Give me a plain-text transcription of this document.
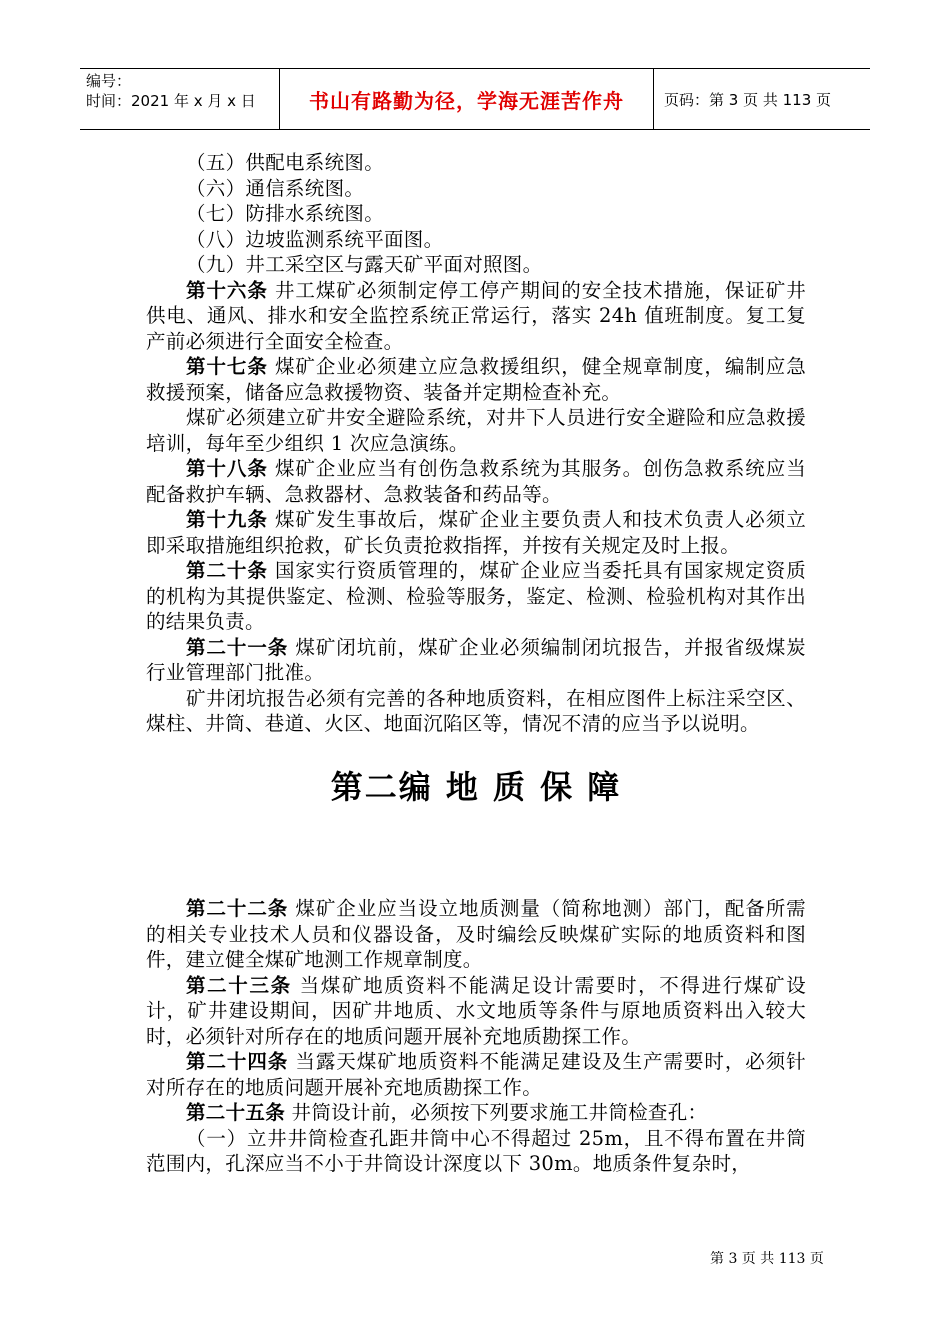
编号：
时间：2021 年 x 月 x 日	书山有路勤为径，学海无涯苦作舟	页码：第 3 页 共 113 页

（五）供配电系统图。

（六）通信系统图。

（七）防排水系统图。

（八）边坡监测系统平面图。

（九）井工采空区与露天矿平面对照图。

第十六条 井工煤矿必须制定停工停产期间的安全技术措施，保证矿井供电、通风、排水和安全监控系统正常运行，落实 24h 值班制度。复工复产前必须进行全面安全检查。

第十七条 煤矿企业必须建立应急救援组织，健全规章制度，编制应急救援预案，储备应急救援物资、装备并定期检查补充。

煤矿必须建立矿井安全避险系统，对井下人员进行安全避险和应急救援培训，每年至少组织 1 次应急演练。

第十八条 煤矿企业应当有创伤急救系统为其服务。创伤急救系统应当配备救护车辆、急救器材、急救装备和药品等。

第十九条 煤矿发生事故后，煤矿企业主要负责人和技术负责人必须立即采取措施组织抢救，矿长负责抢救指挥，并按有关规定及时上报。

第二十条 国家实行资质管理的，煤矿企业应当委托具有国家规定资质的机构为其提供鉴定、检测、检验等服务，鉴定、检测、检验机构对其作出的结果负责。

第二十一条 煤矿闭坑前，煤矿企业必须编制闭坑报告，并报省级煤炭行业管理部门批准。

矿井闭坑报告必须有完善的各种地质资料，在相应图件上标注采空区、煤柱、井筒、巷道、火区、地面沉陷区等，情况不清的应当予以说明。

第二编 地 质 保 障

第二十二条 煤矿企业应当设立地质测量（简称地测）部门，配备所需的相关专业技术人员和仪器设备，及时编绘反映煤矿实际的地质资料和图件，建立健全煤矿地测工作规章制度。

第二十三条 当煤矿地质资料不能满足设计需要时，不得进行煤矿设计，矿井建设期间，因矿井地质、水文地质等条件与原地质资料出入较大时，必须针对所存在的地质问题开展补充地质勘探工作。

第二十四条 当露天煤矿地质资料不能满足建设及生产需要时，必须针对所存在的地质问题开展补充地质勘探工作。

第二十五条 井筒设计前，必须按下列要求施工井筒检查孔：

（一）立井井筒检查孔距井筒中心不得超过 25m，且不得布置在井筒范围内，孔深应当不小于井筒设计深度以下 30m。地质条件复杂时，

第 3 页 共 113 页
